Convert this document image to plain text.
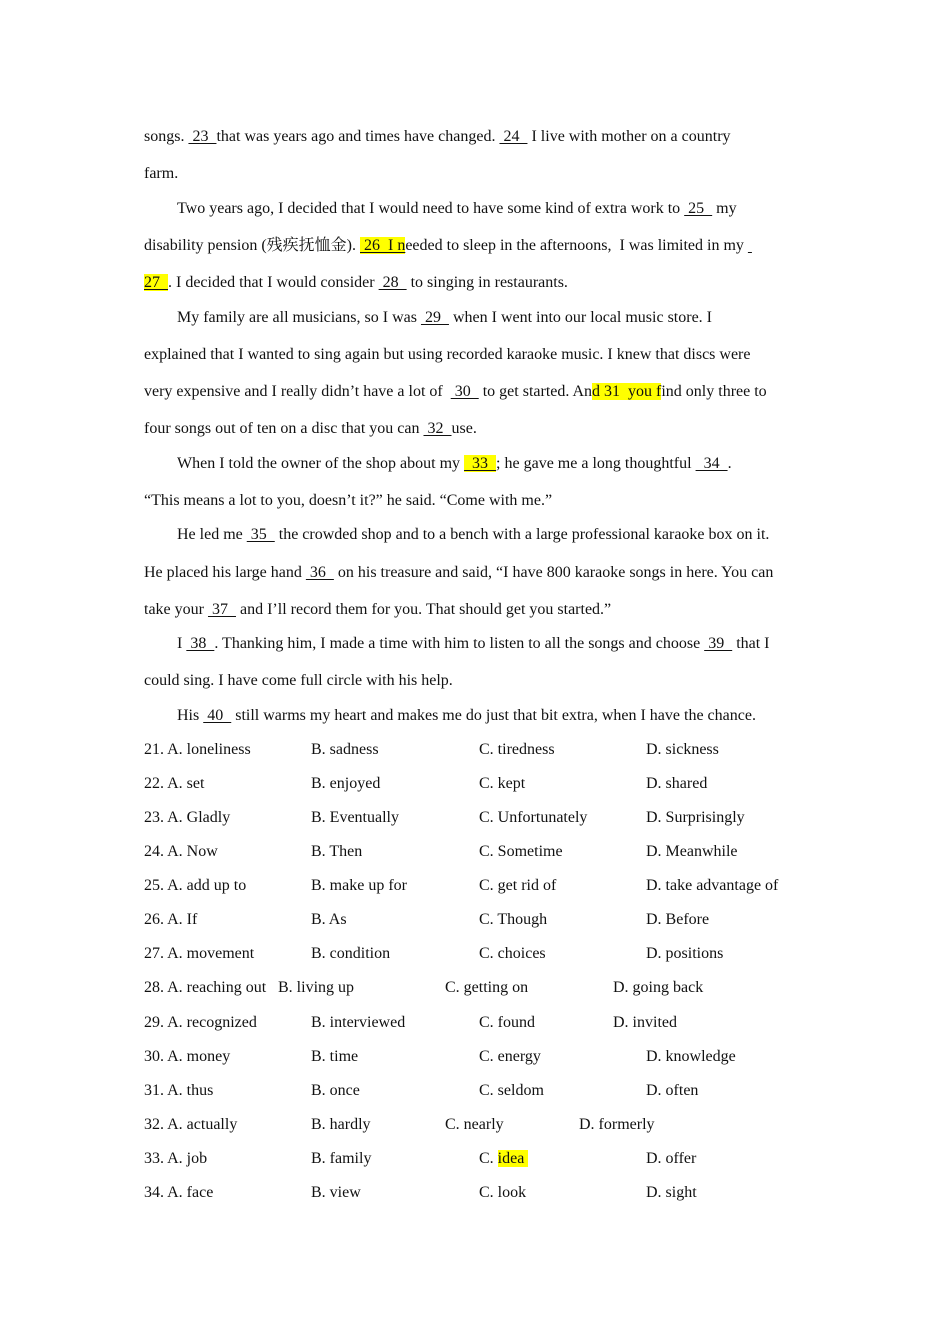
songs.  23  that was years ago and times have changed.  24   I live with mother on a country
farm.
Two years ago, I decided that I would need to have some kind of extra work to  25   my
disability pension (残疾抚恤金).  26  I needed to sleep in the afternoons,  I was limited in my
27  . I decided that I would consider  28   to singing in restaurants.
My family are all musicians, so I was  29   when I went into our local music store. I
explained that I wanted to sing again but using recorded karaoke music. I knew that discs were
very expensive and I really didn’t have a lot of   30   to get started. And 31  you find only three to
four songs out of ten on a disc that you can  32  use.
When I told the owner of the shop about my   33  ; he gave me a long thoughtful   34  .
“This means a lot to you, doesn’t it?” he said. “Come with me.”
He led me  35   the crowded shop and to a bench with a large professional karaoke box on it.
He placed his large hand  36   on his treasure and said, “I have 800 karaoke songs in here. You can
take your  37   and I’ll record them for you. That should get you started.”
I  38  . Thanking him, I made a time with him to listen to all the songs and choose  39   that I
could sing. I have come full circle with his help.
His  40   still warms my heart and makes me do just that bit extra, when I have the chance.
21. A. loneliness	B. sadness	C. tiredness	D. sickness
22. A. set	B. enjoyed	C. kept	D. shared
23. A. Gladly	B. Eventually	C. Unfortunately	D. Surprisingly
24. A. Now	B. Then	C. Sometime	D. Meanwhile
25. A. add up to	B. make up for	C. get rid of	D. take advantage of
26. A. If	B. As	C. Though	D. Before
27. A. movement	B. condition	C. choices	D. positions
28. A. reaching out B. living up	C. getting on	D. going back
29. A. recognized	B. interviewed	C. found	D. invited
30. A. money	B. time	C. energy	D. knowledge
31. A. thus	B. once	C. seldom	D. often
32. A. actually	B. hardly	C. nearly	D. formerly
33. A. job	B. family	C. idea	D. offer
34. A. face	B. view	C. look	D. sight
